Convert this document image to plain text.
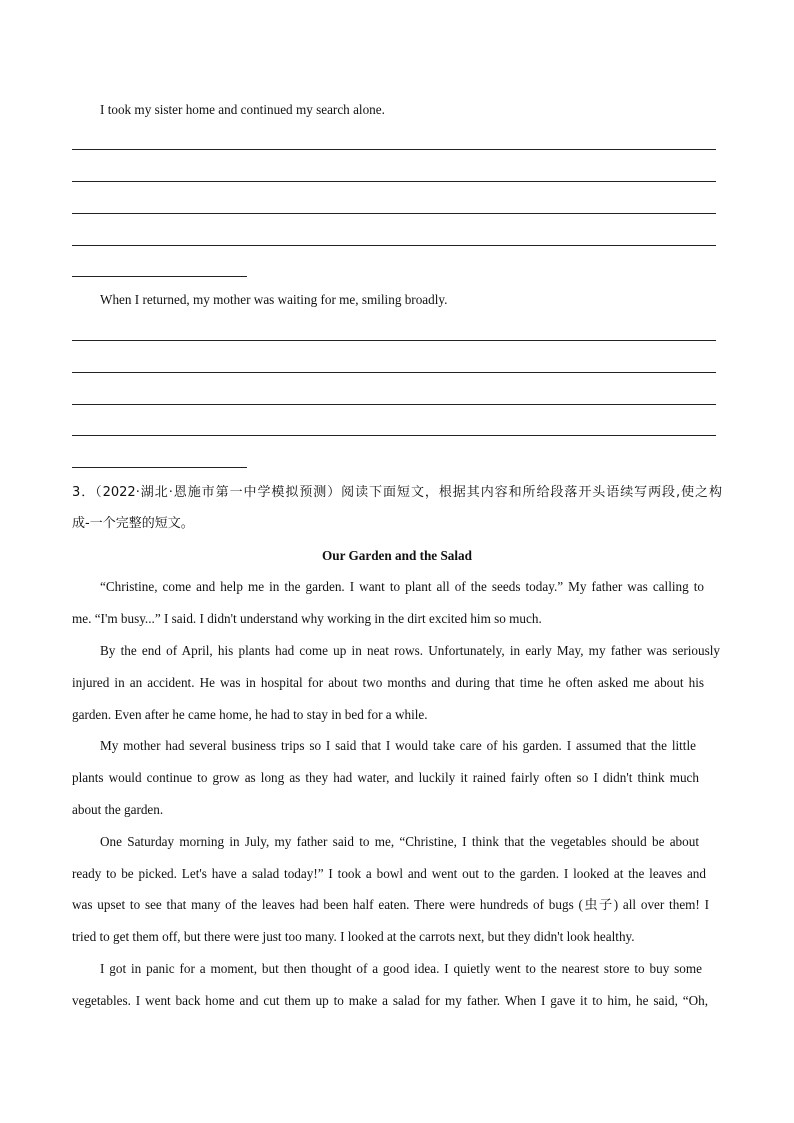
I took my sister home and continued my search alone.
When I returned, my mother was waiting for me, smiling broadly.
3．（2022·湖北·恩施市第一中学模拟预测）阅读下面短文，根据其内容和所给段落开头语续写两段,使之构
成-一个完整的短文。
Our Garden and the Salad
“Christine, come and help me in the garden. I want to plant all of the seeds today.” My father was calling to
me. “I'm busy...” I said. I didn't understand why working in the dirt excited him so much.
By the end of April, his plants had come up in neat rows. Unfortunately, in early May, my father was seriously
injured in an accident. He was in hospital for about two months and during that time he often asked me about his
garden. Even after he came home, he had to stay in bed for a while.
My mother had several business trips so I said that I would take care of his garden. I assumed that the little
plants would continue to grow as long as they had water, and luckily it rained fairly often so I didn't think much
about the garden.
One Saturday morning in July, my father said to me, “Christine, I think that the vegetables should be about
ready to be picked. Let's have a salad today!” I took a bowl and went out to the garden. I looked at the leaves and
was upset to see that many of the leaves had been half eaten. There were hundreds of bugs (虫子) all over them! I
tried to get them off, but there were just too many. I looked at the carrots next, but they didn't look healthy.
I got in panic for a moment, but then thought of a good idea. I quietly went to the nearest store to buy some
vegetables. I went back home and cut them up to make a salad for my father. When I gave it to him, he said, “Oh,
